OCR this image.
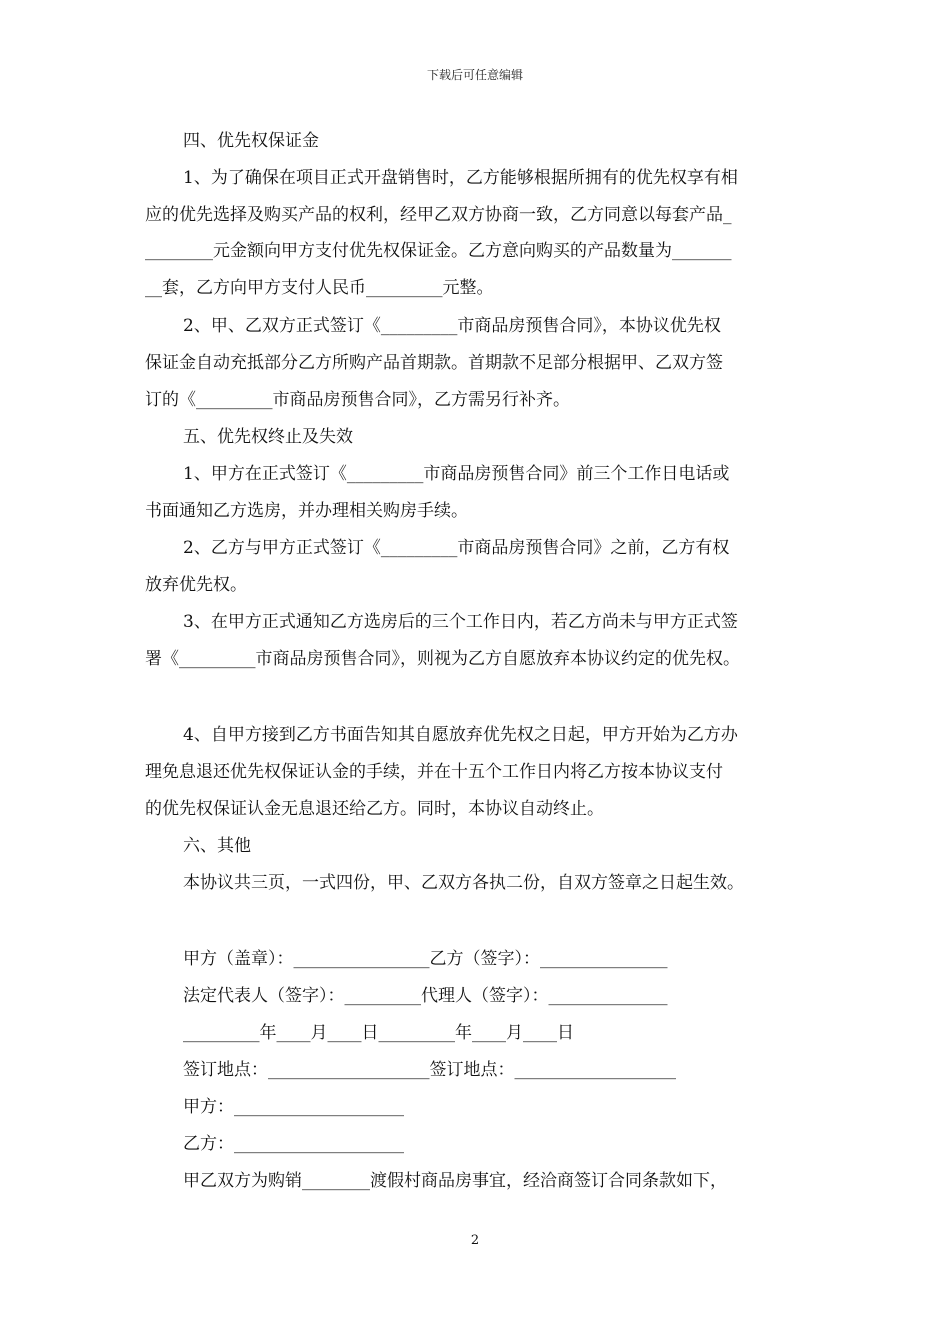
下载后可任意编辑
四、优先权保证金
1、为了确保在项目正式开盘销售时，乙方能够根据所拥有的优先权享有相
应的优先选择及购买产品的权利，经甲乙双方协商一致，乙方同意以每套产品_
________元金额向甲方支付优先权保证金。乙方意向购买的产品数量为_______
__套，乙方向甲方支付人民币_________元整。
2、甲、乙双方正式签订《_________市商品房预售合同》，本协议优先权
保证金自动充抵部分乙方所购产品首期款。首期款不足部分根据甲、乙双方签
订的《_________市商品房预售合同》，乙方需另行补齐。
五、优先权终止及失效
1、甲方在正式签订《_________市商品房预售合同》前三个工作日电话或
书面通知乙方选房，并办理相关购房手续。
2、乙方与甲方正式签订《_________市商品房预售合同》之前，乙方有权
放弃优先权。
3、在甲方正式通知乙方选房后的三个工作日内，若乙方尚未与甲方正式签
署《_________市商品房预售合同》，则视为乙方自愿放弃本协议约定的优先权。
4、自甲方接到乙方书面告知其自愿放弃优先权之日起，甲方开始为乙方办
理免息退还优先权保证认金的手续，并在十五个工作日内将乙方按本协议支付
的优先权保证认金无息退还给乙方。同时，本协议自动终止。
六、其他
本协议共三页，一式四份，甲、乙双方各执二份，自双方签章之日起生效。
甲方（盖章）：________________乙方（签字）：_______________
法定代表人（签字）：_________代理人（签字）：______________
_________年____月____日_________年____月____日
签订地点：___________________签订地点：___________________
甲方：____________________
乙方：____________________
甲乙双方为购销________渡假村商品房事宜，经洽商签订合同条款如下，
2
